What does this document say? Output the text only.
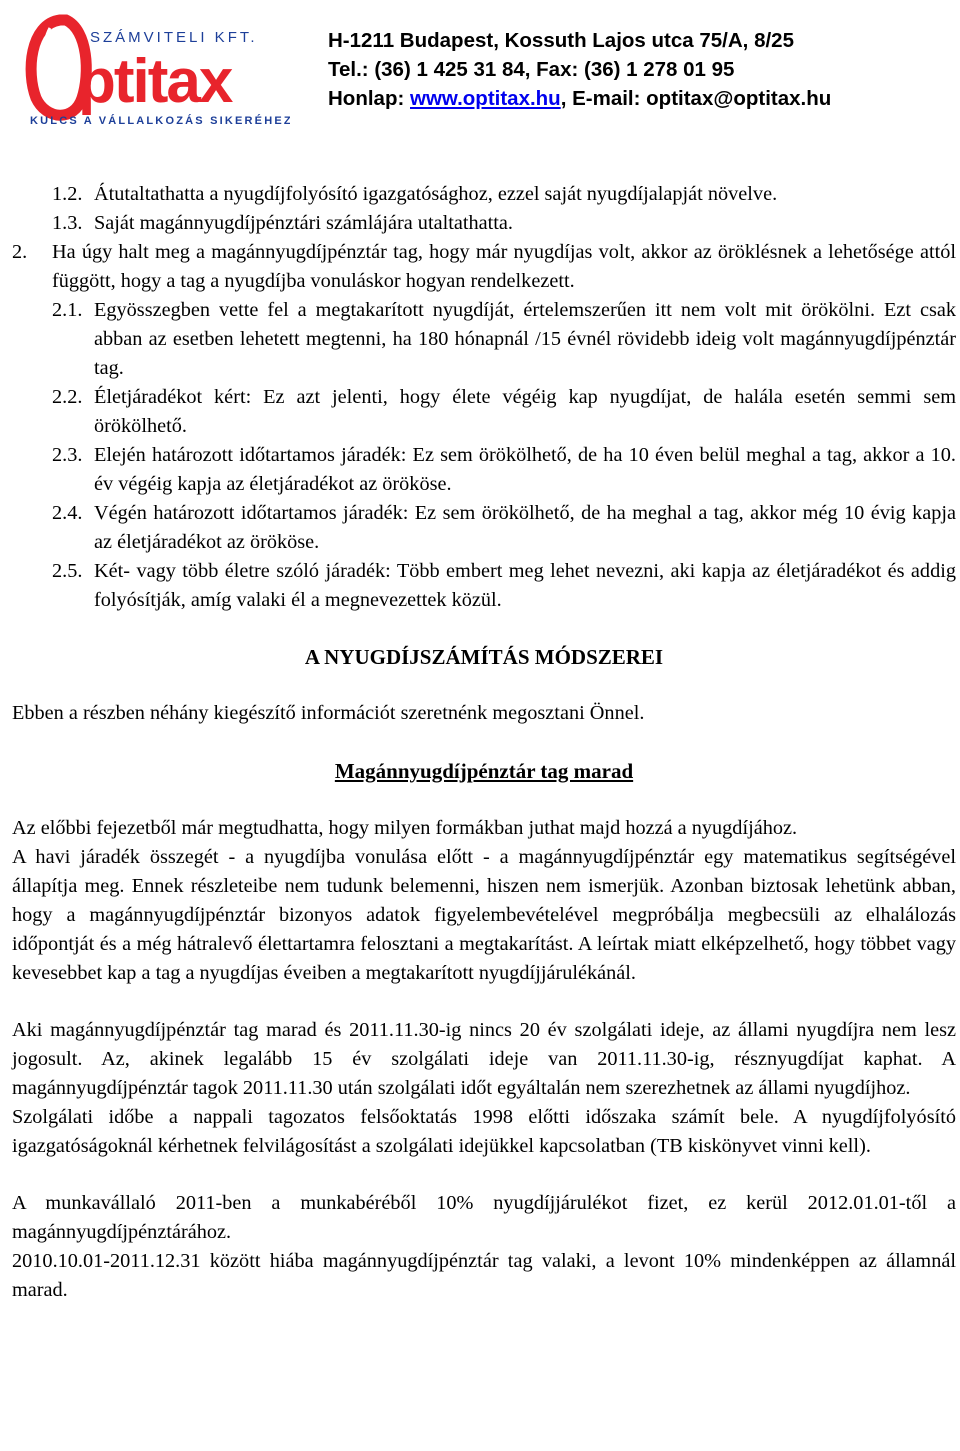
SZÁMVITELI KFT.
ptitax
KULCS A VÁLLALKOZÁS SIKERÉHEZ
H-1211 Budapest, Kossuth Lajos utca 75/A, 8/25
Tel.: (36) 1 425 31 84, Fax: (36) 1 278 01 95
Honlap: www.optitax.hu, E-mail: optitax@optitax.hu
1.2. Átutaltathatta a nyugdíjfolyósító igazgatósághoz, ezzel saját nyugdíjalapját növelve.
1.3. Saját magánnyugdíjpénztári számlájára utaltathatta.
2. Ha úgy halt meg a magánnyugdíjpénztár tag, hogy már nyugdíjas volt, akkor az öröklésnek a lehetősége attól függött, hogy a tag a nyugdíjba vonuláskor hogyan rendelkezett.
2.1. Egyösszegben vette fel a megtakarított nyugdíját, értelemszerűen itt nem volt mit örökölni. Ezt csak abban az esetben lehetett megtenni, ha 180 hónapnál /15 évnél rövidebb ideig volt magánnyugdíjpénztár tag.
2.2. Életjáradékot kért: Ez azt jelenti, hogy élete végéig kap nyugdíjat, de halála esetén semmi sem örökölhető.
2.3. Elején határozott időtartamos járadék: Ez sem örökölhető, de ha 10 éven belül meghal a tag, akkor a 10. év végéig kapja az életjáradékot az örököse.
2.4. Végén határozott időtartamos járadék: Ez sem örökölhető, de ha meghal a tag, akkor még 10 évig kapja az életjáradékot az örököse.
2.5. Két- vagy több életre szóló járadék: Több embert meg lehet nevezni, aki kapja az életjáradékot és addig folyósítják, amíg valaki él a megnevezettek közül.

A NYUGDÍJSZÁMÍTÁS MÓDSZEREI

Ebben a részben néhány kiegészítő információt szeretnénk megosztani Önnel.

Magánnyugdíjpénztár tag marad

Az előbbi fejezetből már megtudhatta, hogy milyen formákban juthat majd hozzá a nyugdíjához.

A havi járadék összegét - a nyugdíjba vonulása előtt - a magánnyugdíjpénztár egy matematikus segítségével állapítja meg. Ennek részleteibe nem tudunk belemenni, hiszen nem ismerjük. Azonban biztosak lehetünk abban, hogy a magánnyugdíjpénztár bizonyos adatok figyelembevételével megpróbálja megbecsüli az elhalálozás időpontját és a még hátralevő élettartamra felosztani a megtakarítást. A leírtak miatt elképzelhető, hogy többet vagy kevesebbet kap a tag a nyugdíjas éveiben a megtakarított nyugdíjjárulékánál.

Aki magánnyugdíjpénztár tag marad és 2011.11.30-ig nincs 20 év szolgálati ideje, az állami nyugdíjra nem lesz jogosult. Az, akinek legalább 15 év szolgálati ideje van 2011.11.30-ig, résznyugdíjat kaphat. A magánnyugdíjpénztár tagok 2011.11.30 után szolgálati időt egyáltalán nem szerezhetnek az állami nyugdíjhoz.

Szolgálati időbe a nappali tagozatos felsőoktatás 1998 előtti időszaka számít bele. A nyugdíjfolyósító igazgatóságoknál kérhetnek felvilágosítást a szolgálati idejükkel kapcsolatban (TB kiskönyvet vinni kell).

A munkavállaló 2011-ben a munkabéréből 10% nyugdíjjárulékot fizet, ez kerül 2012.01.01-től a magánnyugdíjpénztárához.

2010.10.01-2011.12.31 között hiába magánnyugdíjpénztár tag valaki, a levont 10% mindenképpen az államnál marad.
